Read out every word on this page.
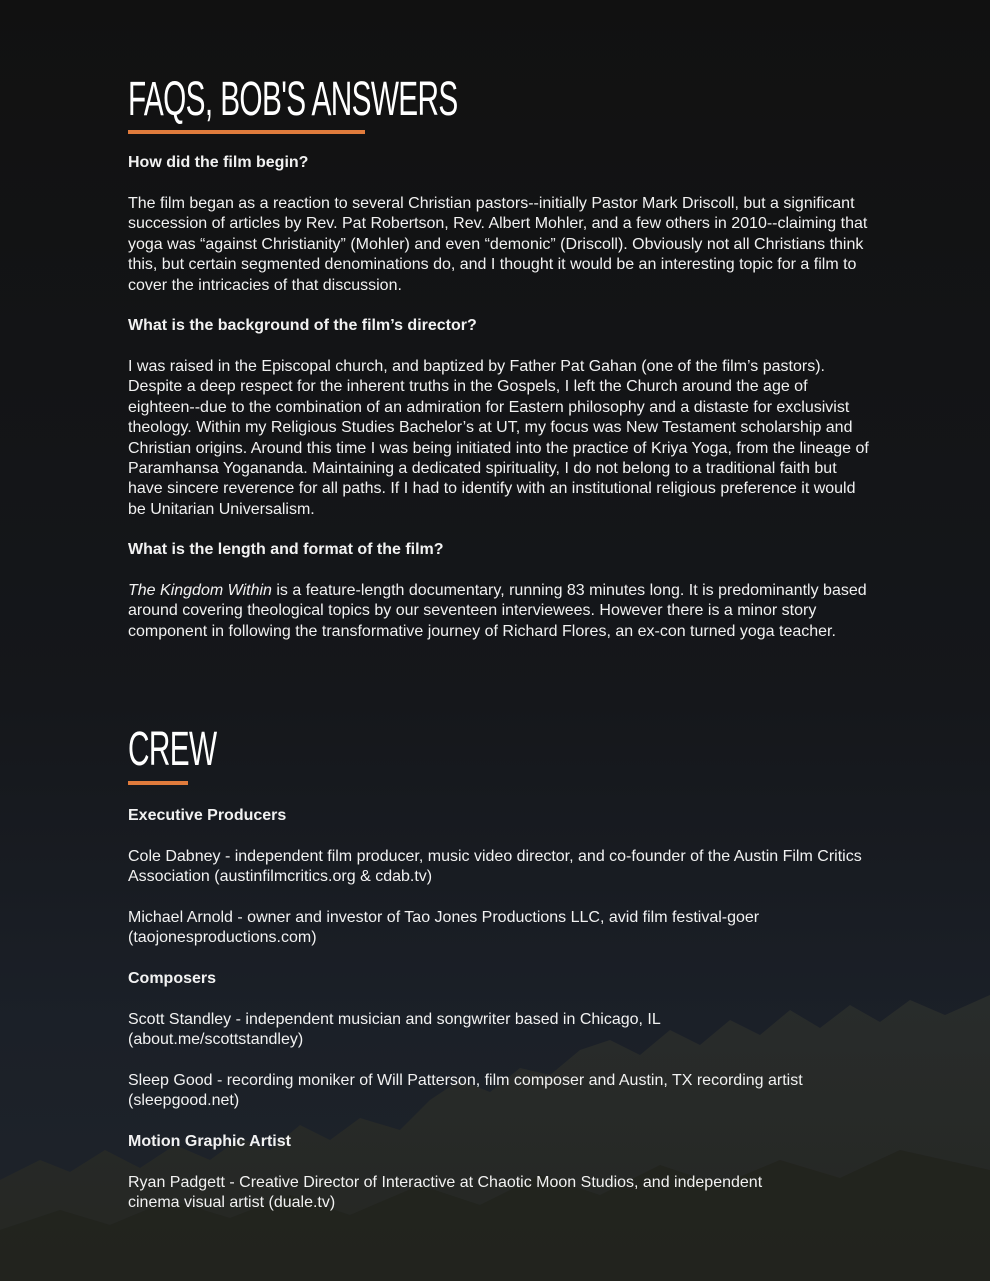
FAQS, BOB'S ANSWERS

How did the film begin?

The film began as a reaction to several Christian pastors--initially Pastor Mark Driscoll, but a significant succession of articles by Rev. Pat Robertson, Rev. Albert Mohler, and a few others in 2010--claiming that yoga was “against Christianity” (Mohler) and even “demonic” (Driscoll). Obviously not all Christians think this, but certain segmented denominations do, and I thought it would be an interesting topic for a film to cover the intricacies of that discussion.

What is the background of the film’s director?

I was raised in the Episcopal church, and baptized by Father Pat Gahan (one of the film’s pastors). Despite a deep respect for the inherent truths in the Gospels, I left the Church around the age of eighteen--due to the combination of an admiration for Eastern philosophy and a distaste for exclusivist theology. Within my Religious Studies Bachelor’s at UT, my focus was New Testament scholarship and Christian origins. Around this time I was being initiated into the practice of Kriya Yoga, from the lineage of Paramhansa Yogananda. Maintaining a dedicated spirituality, I do not belong to a traditional faith but have sincere reverence for all paths. If I had to identify with an institutional religious preference it would be Unitarian Universalism.

What is the length and format of the film?

The Kingdom Within is a feature-length documentary, running 83 minutes long. It is predominantly based around covering theological topics by our seventeen interviewees. However there is a minor story component in following the transformative journey of Richard Flores, an ex-con turned yoga teacher.

CREW

Executive Producers

Cole Dabney - independent film producer, music video director, and co-founder of the Austin Film Critics Association (austinfilmcritics.org & cdab.tv)

Michael Arnold - owner and investor of Tao Jones Productions LLC, avid film festival-goer (taojonesproductions.com)

Composers

Scott Standley - independent musician and songwriter based in Chicago, IL (about.me/scottstandley)

Sleep Good - recording moniker of Will Patterson, film composer and Austin, TX recording artist (sleepgood.net)

Motion Graphic Artist

Ryan Padgett - Creative Director of Interactive at Chaotic Moon Studios, and independent cinema visual artist (duale.tv)
